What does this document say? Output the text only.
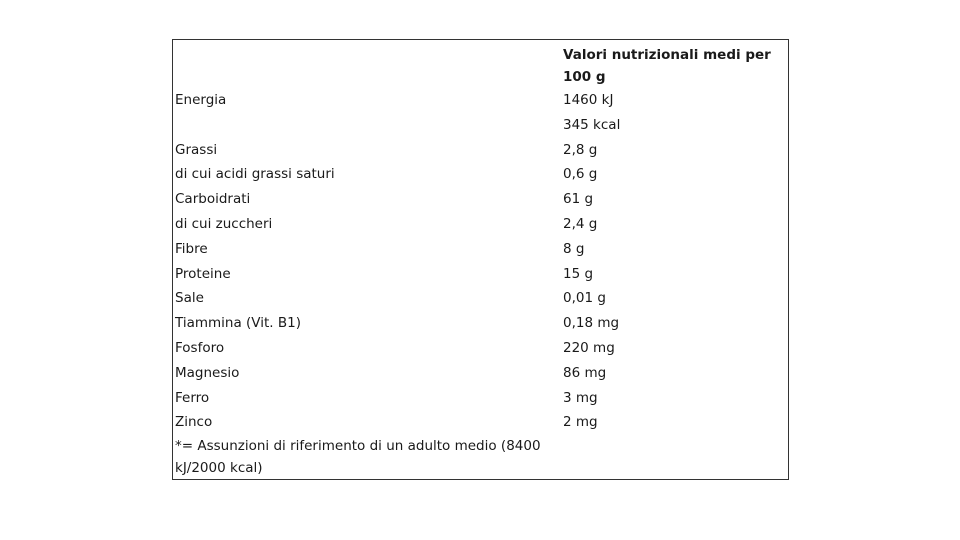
	Valori nutrizionali medi per 100 g
Energia	1460 kJ
	345 kcal
Grassi	2,8 g
di cui acidi grassi saturi	0,6 g
Carboidrati	61 g
di cui zuccheri	2,4 g
Fibre	8 g
Proteine	15 g
Sale	0,01 g
Tiammina (Vit. B1)	0,18 mg
Fosforo	220 mg
Magnesio	86 mg
Ferro	3 mg
Zinco	2 mg

*= Assunzioni di riferimento di un adulto medio (8400 kJ/2000 kcal)	
